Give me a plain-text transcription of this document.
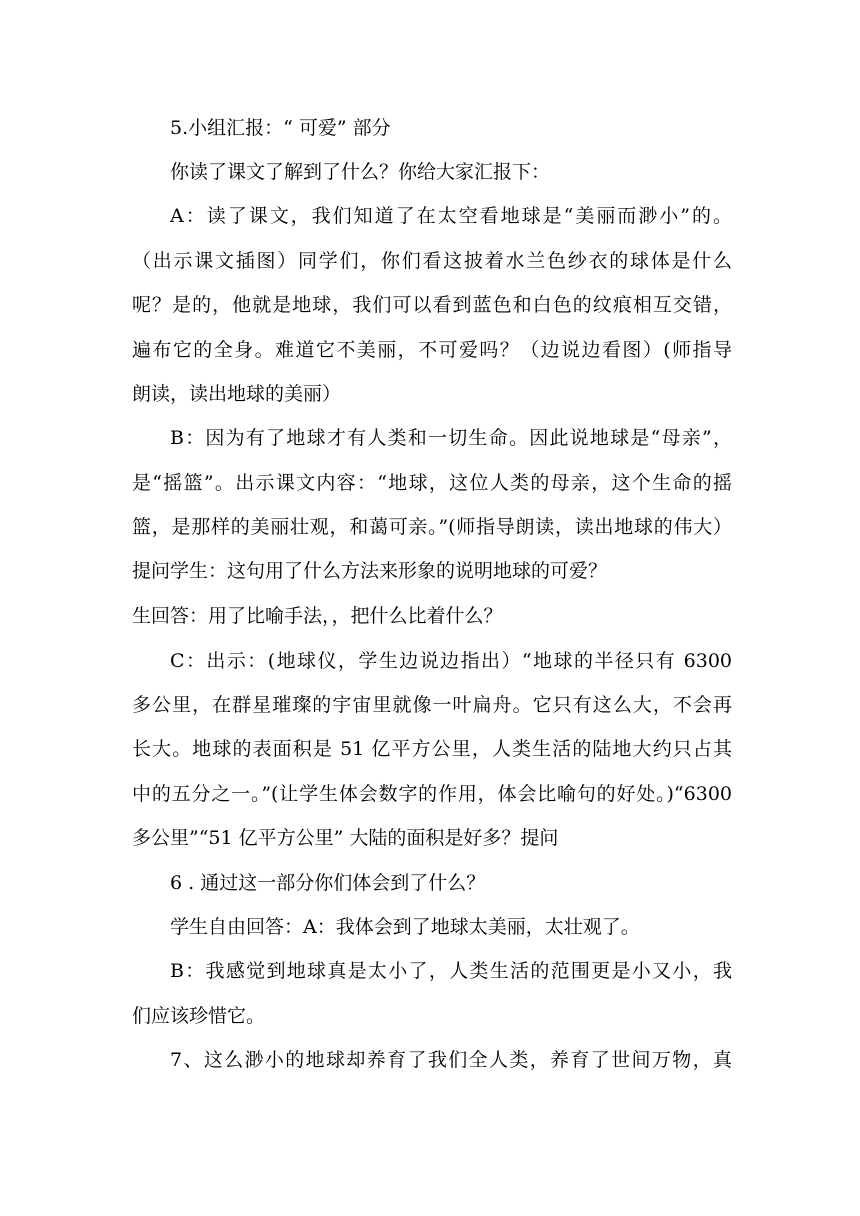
5.小组汇报：“ 可爱” 部分
你读了课文了解到了什么？你给大家汇报下：
A：读了课文，我们知道了在太空看地球是“美丽而渺小”的。
（出示课文插图）同学们，你们看这披着水兰色纱衣的球体是什么
呢？是的，他就是地球，我们可以看到蓝色和白色的纹痕相互交错，
遍布它的全身。难道它不美丽，不可爱吗？（边说边看图）(师指导
朗读，读出地球的美丽）
B：因为有了地球才有人类和一切生命。因此说地球是“母亲”，
是“摇篮”。出示课文内容：“地球，这位人类的母亲，这个生命的摇
篮，是那样的美丽壮观，和蔼可亲。”(师指导朗读，读出地球的伟大）
提问学生：这句用了什么方法来形象的说明地球的可爱？
生回答：用了比喻手法，，把什么比着什么？
C：出示：(地球仪，学生边说边指出）“地球的半径只有 6300
多公里，在群星璀璨的宇宙里就像一叶扁舟。它只有这么大，不会再
长大。地球的表面积是 51 亿平方公里，人类生活的陆地大约只占其
中的五分之一。”(让学生体会数字的作用，体会比喻句的好处。)“6300
多公里”“51 亿平方公里” 大陆的面积是好多？提问
6 . 通过这一部分你们体会到了什么？
学生自由回答：A：我体会到了地球太美丽，太壮观了。
B：我感觉到地球真是太小了，人类生活的范围更是小又小，我
们应该珍惜它。
7、这么渺小的地球却养育了我们全人类，养育了世间万物，真
